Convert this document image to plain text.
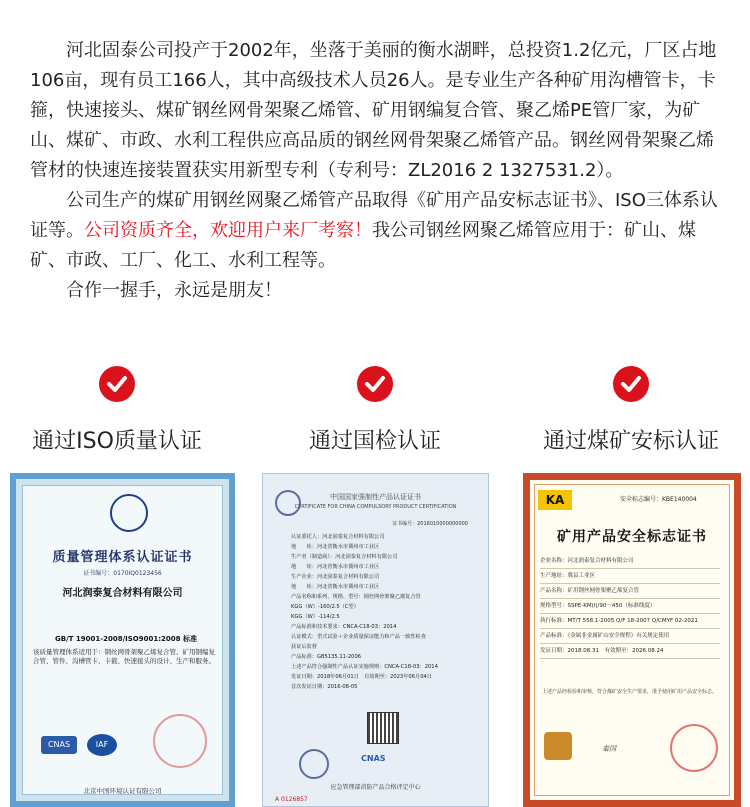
河北固泰公司投产于2002年，坐落于美丽的衡水湖畔，总投资1.2亿元，厂区占地106亩，现有员工166人，其中高级技术人员26人。是专业生产各种矿用沟槽管卡，卡箍，快速接头、煤矿钢丝网骨架聚乙烯管、矿用钢编复合管、聚乙烯PE管厂家，为矿山、煤矿、市政、水利工程供应高品质的钢丝网骨架聚乙烯管产品。钢丝网骨架聚乙烯管材的快速连接装置获实用新型专利（专利号：ZL2016 2 1327531.2）。

公司生产的煤矿用钢丝网聚乙烯管产品取得《矿用产品安标志证书》、ISO三体系认证等。公司资质齐全，欢迎用户来厂考察！我公司钢丝网聚乙烯管应用于：矿山、煤矿、市政、工厂、化工、水利工程等。

合作一握手，永远是朋友！

通过ISO质量认证	通过国检认证	通过煤矿安标认证
质量管理体系认证证书
证书编号：0170IQ0123456
河北润泰复合材料有限公司
GB/T 19001-2008/ISO9001:2008 标准
该质量管理体系适用于：钢丝网骨架聚乙烯复合管、矿用钢编复合管、管件、沟槽管卡、卡箍、快速接头的设计、生产和服务。
CNAS	IAF
北京中国环境认证有限公司
中国国家强制性产品认证证书
CERTIFICATE FOR CHINA COMPULSORY PRODUCT CERTIFICATION
证书编号：2016010000000000
认证委托人：河北固泰复合材料有限公司
地　　址：河北省衡水市冀州市工业区
生产者（制造商）：河北固泰复合材料有限公司
地　　址：河北省衡水市冀州市工业区
生产企业：河北固泰复合材料有限公司
地　　址：河北省衡水市冀州市工业区
产品名称和系列、规格、型号：钢丝网骨架聚乙烯复合管
KGG（W）-160/2.5（C型）
KGG（W）-114/2.5
产品标准和技术要求：CNCA-C18-03：2014
认证模式：型式试验＋企业质量保证能力和产品一致性检查
获证后监督
产品标准：GB5135.11-2006
上述产品符合强制性产品认证实施规则：CNCA-C18-03：2014
发证日期：2018年06月01日　有效期至：2023年06月04日
首次发证日期：2016-08-05
CNAS
应急管理部消防产品合格评定中心
A 0126857
KA	安全标志编号：KBE140004
矿用产品安全标志证书
企业名称：河北润泰复合材料有限公司
生产地址：冀县工业区
产品名称：矿用钢丝网骨架聚乙烯复合管
规格型号：SSPE-KM(Ⅰ)/90～450（标准线度）
执行标准：MT/T 558.1-2005 Q/F 18-2007 Q/CMYF 02-2021
产品标准：《金属非金属矿山安全规程》有关规定使用
发证日期：2018.08.31　有效期至：2026.08.24
上述产品经检验和审核，符合煤矿安全生产要求，准予使用矿用产品安全标志。
秦国
